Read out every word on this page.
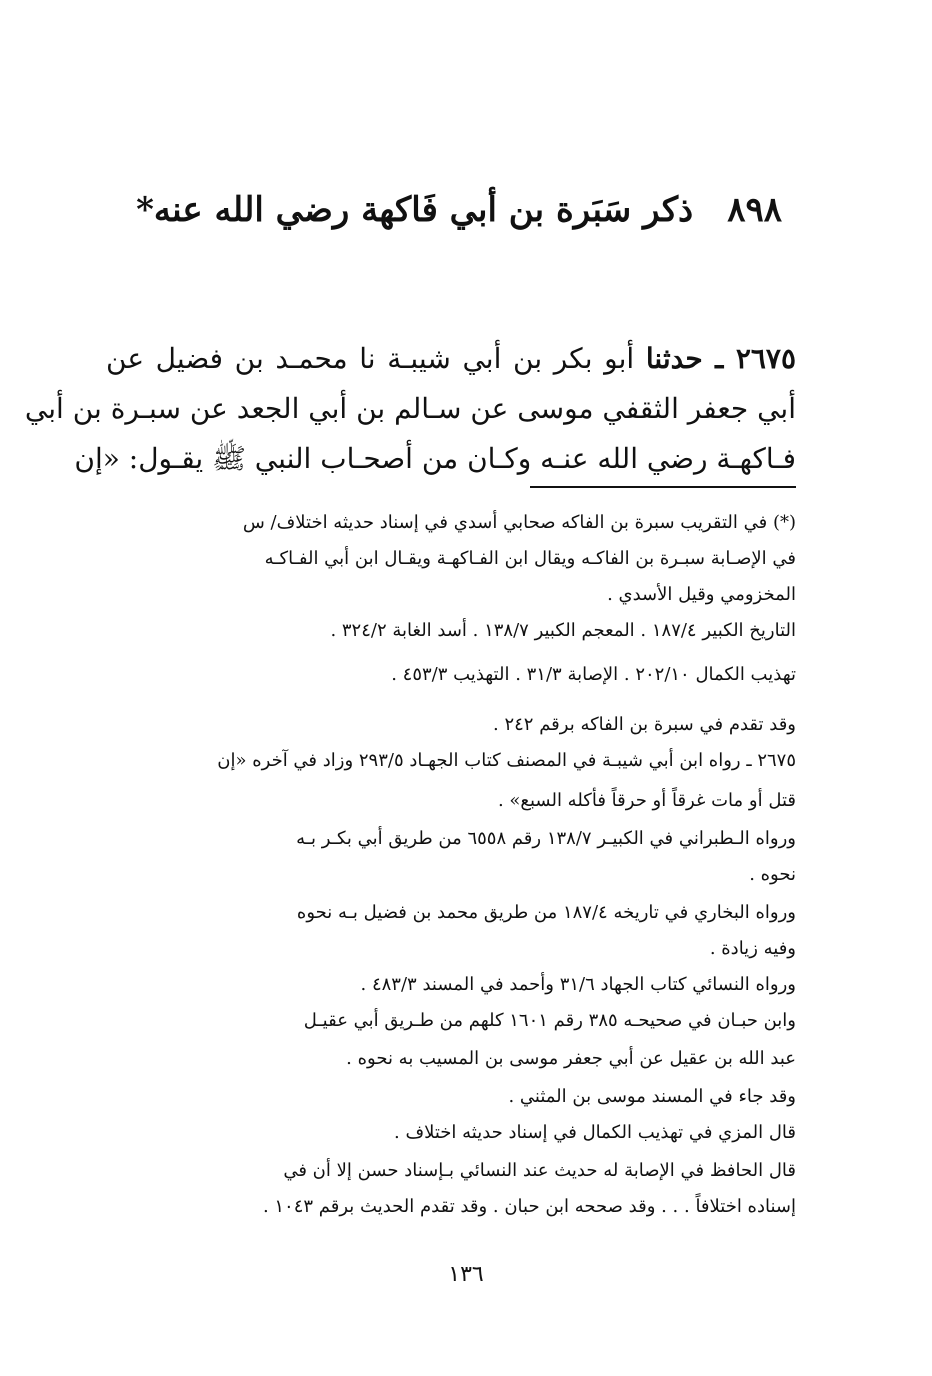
٨٩٨ذكر سَبَرة بن أبي فَاكهة رضي الله عنه*
٢٦٧٥ ـ حدثنا أبو بكر بن أبي شيبـة نا محمـد بن فضيل عن
أبي جعفر الثقفي موسى عن سـالم بن أبي الجعد عن سبـرة بن أبي
فـاكهـة رضي الله عنـه وكـان من أصحـاب النبي ﷺ يقـول: «إن
(*) في التقريب سبرة بن الفاكه صحابي أسدي في إسناد حديثه اختلاف/ س
في الإصـابة سبـرة بن الفاكـه ويقال ابن الفـاكهـة ويقـال ابن أبي الفـاكـه
المخزومي وقيل الأسدي .
التاريخ الكبير ١٨٧/٤ . المعجم الكبير ١٣٨/٧ . أسد الغابة ٣٢٤/٢ .
تهذيب الكمال ٢٠٢/١٠ . الإصابة ٣١/٣ . التهذيب ٤٥٣/٣ .
وقد تقدم في سبرة بن الفاكه برقم ٢٤٢ .
٢٦٧٥ ـ رواه ابن أبي شيبـة في المصنف كتاب الجهـاد ٢٩٣/٥ وزاد في آخره «إن
قتل أو مات غرقاً أو حرقاً فأكله السبع» .
ورواه الـطبراني في الكبيـر ١٣٨/٧ رقم ٦٥٥٨ من طريق أبي بكـر بـه
نحوه .
ورواه البخاري في تاريخه ١٨٧/٤ من طريق محمد بن فضيل بـه نحوه
وفيه زيادة .
ورواه النسائي كتاب الجهاد ٣١/٦ وأحمد في المسند ٤٨٣/٣ .
وابن حبـان في صحيحـه ٣٨٥ رقم ١٦٠١ كلهم من طـريق أبي عقيـل
عبد الله بن عقيل عن أبي جعفر موسى بن المسيب به نحوه .
وقد جاء في المسند موسى بن المثني .
قال المزي في تهذيب الكمال في إسناد حديثه اختلاف .
قال الحافظ في الإصابة له حديث عند النسائي بـإسناد حسن إلا أن في
إسناده اختلافاً . . . وقد صححه ابن حبان . وقد تقدم الحديث برقم ١٠٤٣ .
١٣٦
